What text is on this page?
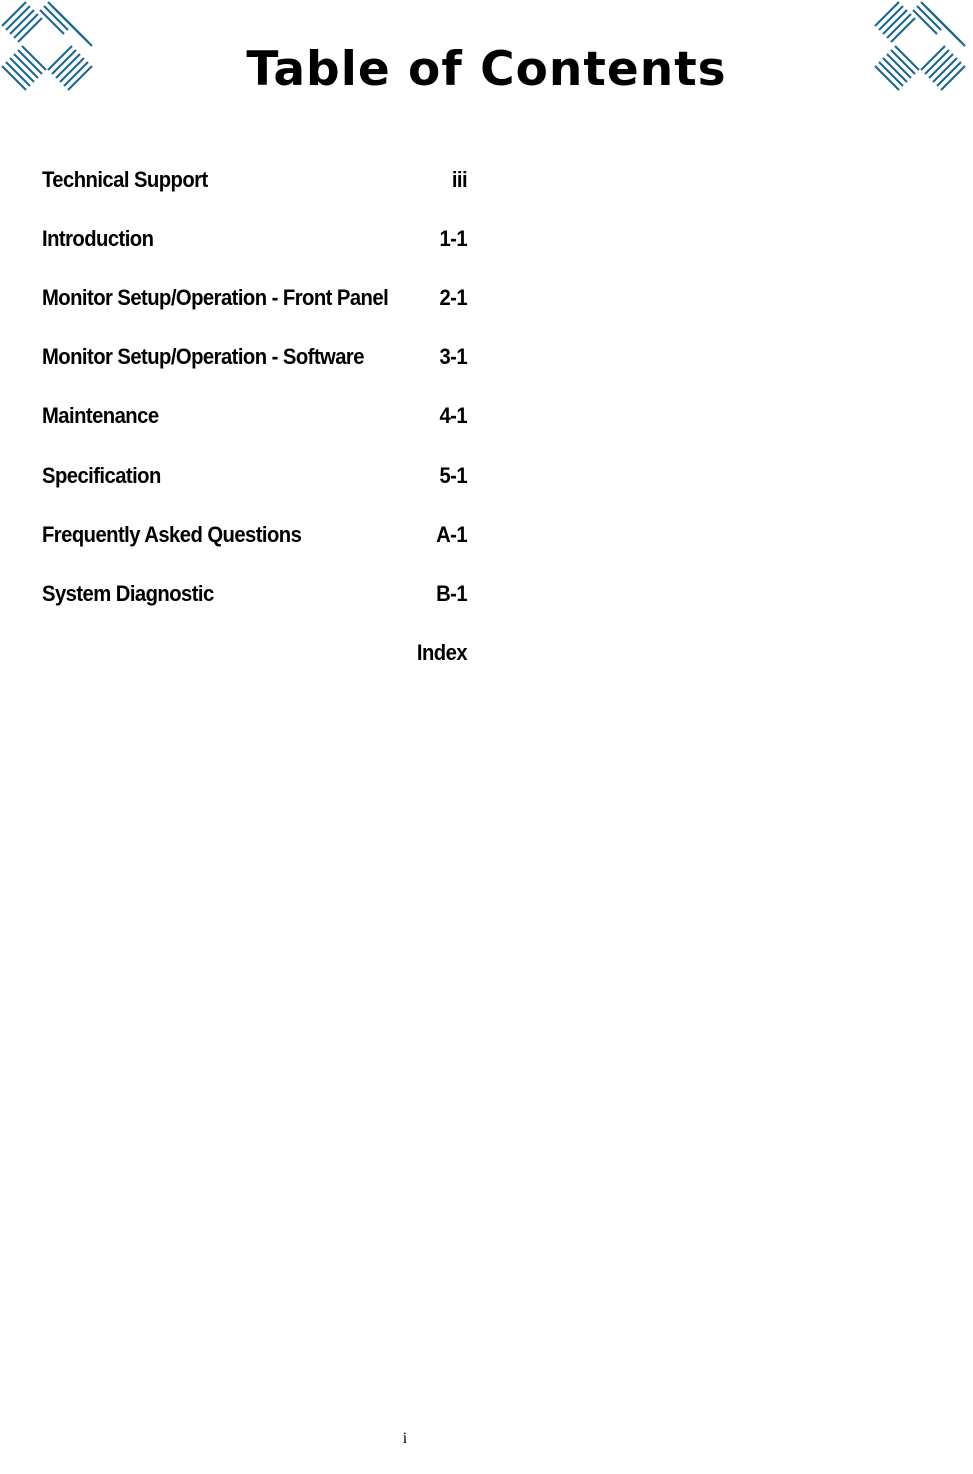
Table of Contents
Technical Support	iii
Introduction	1-1
Monitor Setup/Operation - Front Panel 2-1
Monitor Setup/Operation - Software	3-1
Maintenance	4-1
Specification	5-1
Frequently Asked Questions	A-1
System Diagnostic	B-1
Index
i
